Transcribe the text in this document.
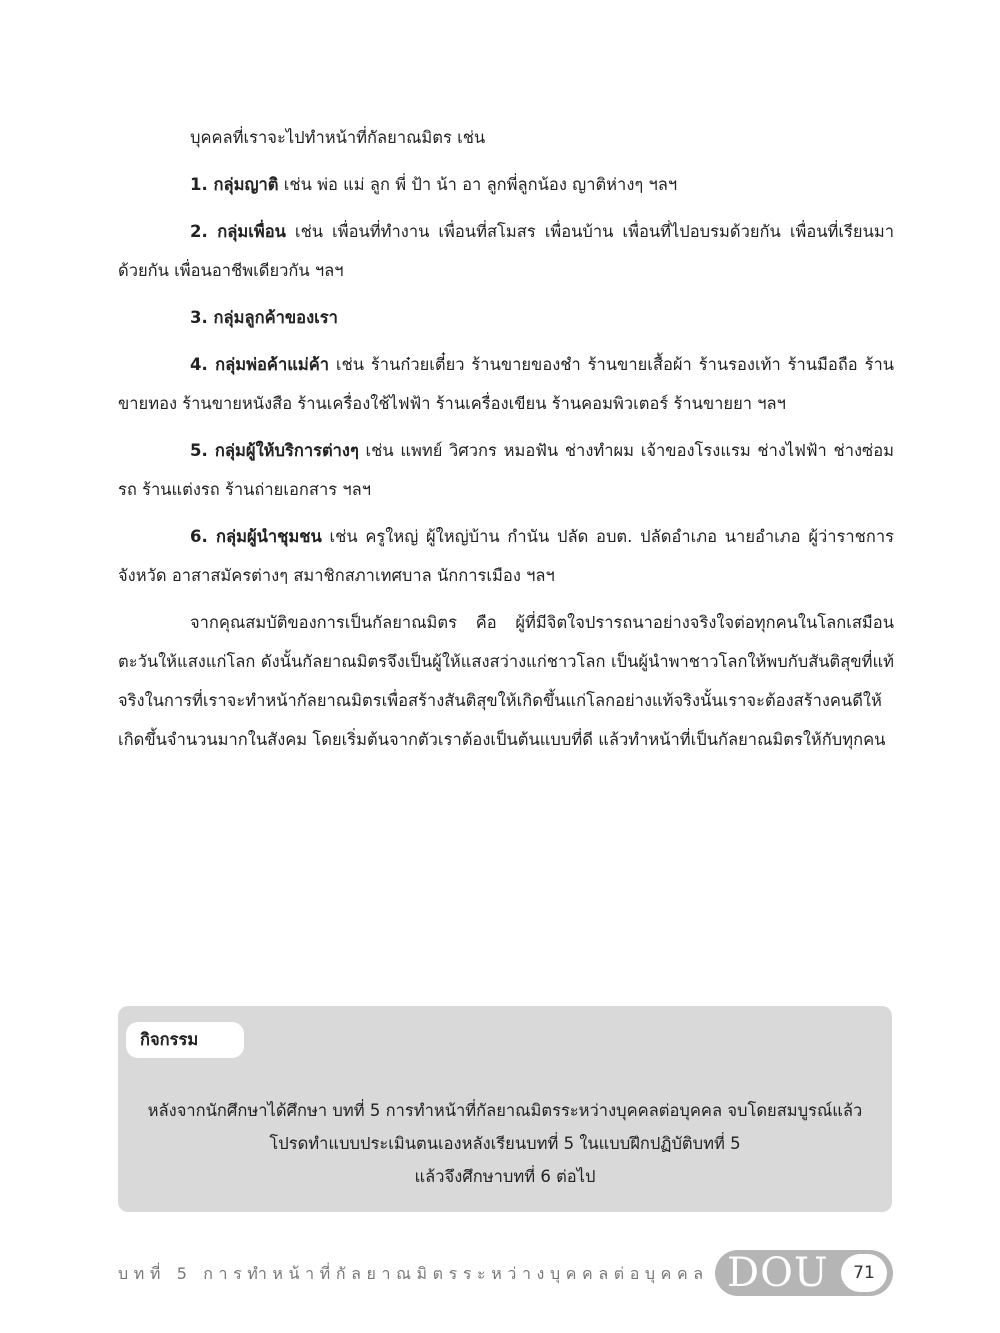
บุคคลที่เราจะไปทำหน้าที่กัลยาณมิตร เช่น

1. กลุ่มญาติ เช่น พ่อ แม่ ลูก พี่ ป้า น้า อา ลูกพี่ลูกน้อง ญาติห่างๆ ฯลฯ

2. กลุ่มเพื่อน เช่น เพื่อนที่ทำงาน เพื่อนที่สโมสร เพื่อนบ้าน เพื่อนที่ไปอบรมด้วยกัน เพื่อนที่เรียนมาด้วยกัน เพื่อนอาชีพเดียวกัน ฯลฯ

3. กลุ่มลูกค้าของเรา

4. กลุ่มพ่อค้าแม่ค้า เช่น ร้านก๋วยเตี๋ยว ร้านขายของชำ ร้านขายเสื้อผ้า ร้านรองเท้า ร้านมือถือ ร้านขายทอง ร้านขายหนังสือ ร้านเครื่องใช้ไฟฟ้า ร้านเครื่องเขียน ร้านคอมพิวเตอร์ ร้านขายยา ฯลฯ

5. กลุ่มผู้ให้บริการต่างๆ เช่น แพทย์ วิศวกร หมอฟัน ช่างทำผม เจ้าของโรงแรม ช่างไฟฟ้า ช่างซ่อมรถ ร้านแต่งรถ ร้านถ่ายเอกสาร ฯลฯ

6. กลุ่มผู้นำชุมชน เช่น ครูใหญ่ ผู้ใหญ่บ้าน กำนัน ปลัด อบต. ปลัดอำเภอ นายอำเภอ ผู้ว่าราชการจังหวัด อาสาสมัครต่างๆ สมาชิกสภาเทศบาล นักการเมือง ฯลฯ

จากคุณสมบัติของการเป็นกัลยาณมิตร คือ ผู้ที่มีจิตใจปรารถนาอย่างจริงใจต่อทุกคนในโลกเสมือนตะวันให้แสงแก่โลก ดังนั้นกัลยาณมิตรจึงเป็นผู้ให้แสงสว่างแก่ชาวโลก เป็นผู้นำพาชาวโลกให้พบกับสันติสุขที่แท้จริงในการที่เราจะทำหน้ากัลยาณมิตรเพื่อสร้างสันติสุขให้เกิดขึ้นแก่โลกอย่างแท้จริงนั้นเราจะต้องสร้างคนดีให้เกิดขึ้นจำนวนมากในสังคม โดยเริ่มต้นจากตัวเราต้องเป็นต้นแบบที่ดี แล้วทำหน้าที่เป็นกัลยาณมิตรให้กับทุกคน

กิจกรรม
หลังจากนักศึกษาได้ศึกษา บทที่ 5 การทำหน้าที่กัลยาณมิตรระหว่างบุคคลต่อบุคคล จบโดยสมบูรณ์แล้ว
โปรดทำแบบประเมินตนเองหลังเรียนบทที่ 5 ในแบบฝึกปฏิบัติบทที่ 5
แล้วจึงศึกษาบทที่ 6 ต่อไป
บทที่ 5 การทำหน้าที่กัลยาณมิตรระหว่างบุคคลต่อบุคคล DOU	71
